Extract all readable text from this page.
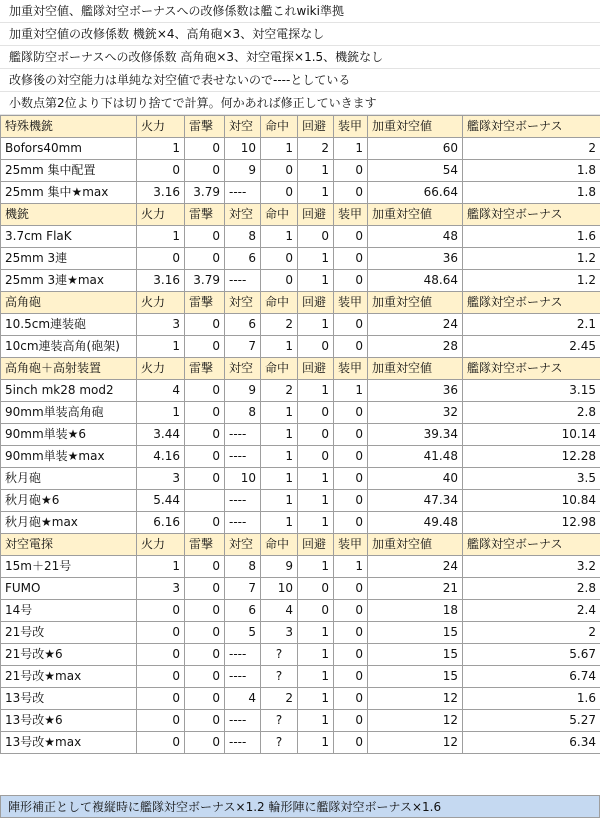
加重対空値、艦隊対空ボーナスへの改修係数は艦これwiki準拠
加重対空値の改修係数 機銃×4、高角砲×3、対空電探なし
艦隊防空ボーナスへの改修係数 高角砲×3、対空電探×1.5、機銃なし
改修後の対空能力は単純な対空値で表せないので----としている
小数点第2位より下は切り捨てで計算。何かあれば修正していきます
特殊機銃	火力	雷撃	対空	命中	回避	装甲	加重対空値	艦隊対空ボーナス
Bofors40mm	1	0	10	1	2	1	60	2
25mm 集中配置	0	0	9	0	1	0	54	1.8
25mm 集中★max	3.16	3.79	----	0	1	0	66.64	1.8
機銃	火力	雷撃	対空	命中	回避	装甲	加重対空値	艦隊対空ボーナス
3.7cm FlaK	1	0	8	1	0	0	48	1.6
25mm 3連	0	0	6	0	1	0	36	1.2
25mm 3連★max	3.16	3.79	----	0	1	0	48.64	1.2
高角砲	火力	雷撃	対空	命中	回避	装甲	加重対空値	艦隊対空ボーナス
10.5cm連装砲	3	0	6	2	1	0	24	2.1
10cm連装高角(砲架)	1	0	7	1	0	0	28	2.45
高角砲＋高射装置	火力	雷撃	対空	命中	回避	装甲	加重対空値	艦隊対空ボーナス
5inch mk28 mod2	4	0	9	2	1	1	36	3.15
90mm単装高角砲	1	0	8	1	0	0	32	2.8
90mm単装★6	3.44	0	----	1	0	0	39.34	10.14
90mm単装★max	4.16	0	----	1	0	0	41.48	12.28
秋月砲	3	0	10	1	1	0	40	3.5
秋月砲★6	5.44		----	1	1	0	47.34	10.84
秋月砲★max	6.16	0	----	1	1	0	49.48	12.98
対空電探	火力	雷撃	対空	命中	回避	装甲	加重対空値	艦隊対空ボーナス
15m＋21号	1	0	8	9	1	1	24	3.2
FUMO	3	0	7	10	0	0	21	2.8
14号	0	0	6	4	0	0	18	2.4
21号改	0	0	5	3	1	0	15	2
21号改★6	0	0	----	?	1	0	15	5.67
21号改★max	0	0	----	?	1	0	15	6.74
13号改	0	0	4	2	1	0	12	1.6
13号改★6	0	0	----	?	1	0	12	5.27
13号改★max	0	0	----	?	1	0	12	6.34
陣形補正として複縦時に艦隊対空ボーナス×1.2 輪形陣に艦隊対空ボーナス×1.6
